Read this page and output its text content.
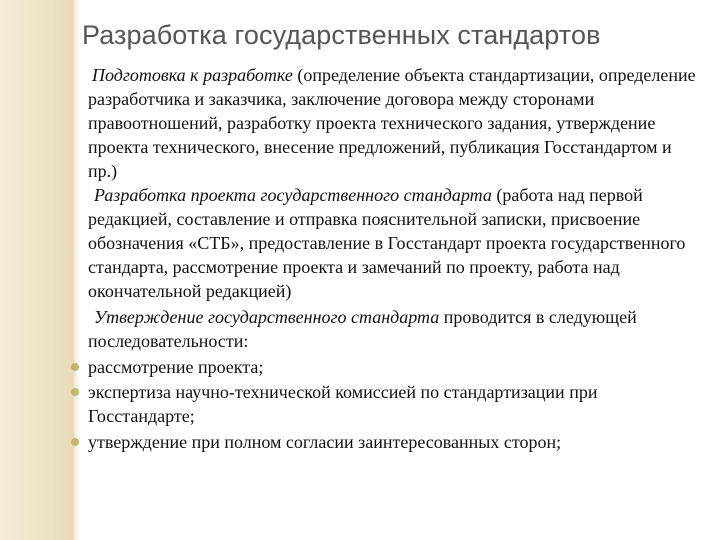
Разработка государственных стандартов

Подготовка к разработке (определение объекта стандартизации, определение разработчика и заказчика, заключение договора между сторонами правоотношений, разработку проекта технического задания, утверждение проекта технического, внесение предложений, публикация Госстандартом и пр.)

Разработка проекта государственного стандарта (работа над первой редакцией, составление и отправка пояснительной записки, присвоение обозначения «СТБ», предоставление в Госстандарт проекта государственного стандарта, рассмотрение проекта и замечаний по проекту, работа над окончательной редакцией)

Утверждение государственного стандарта проводится в следующей последовательности:

рассмотрение проекта;
экспертиза научно-технической комиссией по стандартизации при Госстандарте;
утверждение при полном согласии заинтересованных сторон;
